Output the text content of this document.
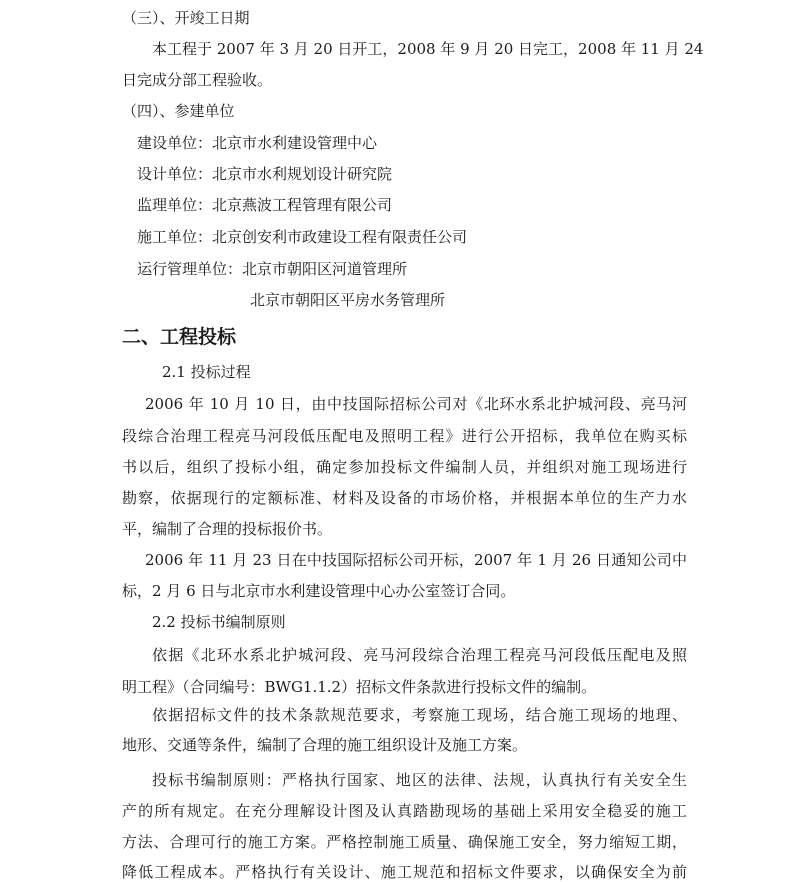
（三）、开竣工日期
本工程于 2007 年 3 月 20 日开工，2008 年 9 月 20 日完工，2008 年 11 月 24
日完成分部工程验收。
（四）、参建单位
建设单位：北京市水利建设管理中心
设计单位：北京市水利规划设计研究院
监理单位：北京燕波工程管理有限公司
施工单位：北京创安利市政建设工程有限责任公司
运行管理单位：北京市朝阳区河道管理所
北京市朝阳区平房水务管理所
二、工程投标
2.1 投标过程
2006 年 10 月 10 日，由中技国际招标公司对《北环水系北护城河段、亮马河
段综合治理工程亮马河段低压配电及照明工程》进行公开招标，我单位在购买标
书以后，组织了投标小组，确定参加投标文件编制人员，并组织对施工现场进行
勘察，依据现行的定额标准、材料及设备的市场价格，并根据本单位的生产力水
平，编制了合理的投标报价书。
2006 年 11 月 23 日在中技国际招标公司开标，2007 年 1 月 26 日通知公司中
标，2 月 6 日与北京市水利建设管理中心办公室签订合同。
2.2 投标书编制原则
依据《北环水系北护城河段、亮马河段综合治理工程亮马河段低压配电及照
明工程》（合同编号：BWG1.1.2）招标文件条款进行投标文件的编制。
依据招标文件的技术条款规范要求，考察施工现场，结合施工现场的地理、
地形、交通等条件，编制了合理的施工组织设计及施工方案。
投标书编制原则：严格执行国家、地区的法律、法规，认真执行有关安全生
产的所有规定。在充分理解设计图及认真踏勘现场的基础上采用安全稳妥的施工
方法、合理可行的施工方案。严格控制施工质量、确保施工安全，努力缩短工期，
降低工程成本。严格执行有关设计、施工规范和招标文件要求，以确保安全为前
